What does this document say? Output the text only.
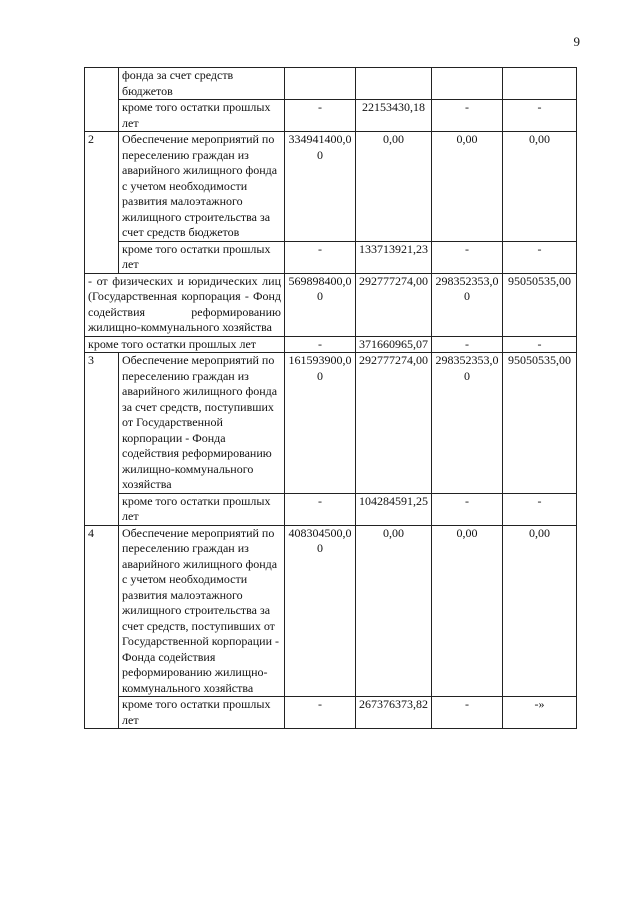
9
	фонда за счет средств бюджетов				
	кроме того остатки прошлых лет	-	22153430,18	-	-
2	Обеспечение мероприятий по переселению граждан из аварийного жилищного фонда с учетом необходимости развития малоэтажного жилищного строительства за счет средств бюджетов	334941400,00	0,00	0,00	0,00
	кроме того остатки прошлых лет	-	133713921,23	-	-
- от физических и юридических лиц (Государственная корпорация - Фонд содействия реформированию жилищно-коммунального хозяйства		569898400,00	292777274,00	298352353,00	95050535,00
кроме того остатки прошлых лет		-	371660965,07	-	-
3	Обеспечение мероприятий по переселению граждан из аварийного жилищного фонда за счет средств, поступивших от Государственной корпорации - Фонда содействия реформированию жилищно-коммунального хозяйства	161593900,00	292777274,00	298352353,00	95050535,00
	кроме того остатки прошлых лет	-	104284591,25	-	-
4	Обеспечение мероприятий по переселению граждан из аварийного жилищного фонда с учетом необходимости развития малоэтажного жилищного строительства за счет средств, поступивших от Государственной корпорации - Фонда содействия реформированию жилищно-коммунального хозяйства	408304500,00	0,00	0,00	0,00
	кроме того остатки прошлых лет	-	267376373,82	-	-»
